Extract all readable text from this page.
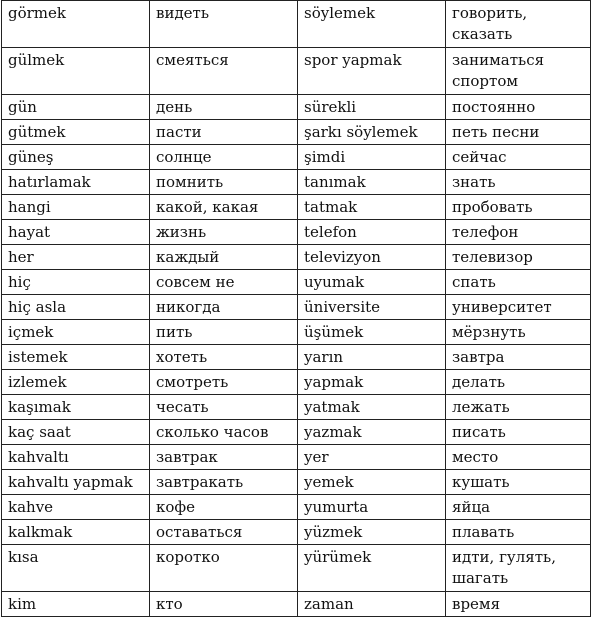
görmek	видеть	söylemek	говорить, сказать
gülmek	смеяться	spor yapmak	заниматься спортом
gün	день	sürekli	постоянно
gütmek	пасти	şarkı söylemek	петь песни
güneş	солнце	şimdi	сейчас
hatırlamak	помнить	tanımak	знать
hangi	какой, какая	tatmak	пробовать
hayat	жизнь	telefon	телефон
her	каждый	televizyon	телевизор
hiç	совсем не	uyumak	спать
hiç asla	никогда	üniversite	университет
içmek	пить	üşümek	мёрзнуть
istemek	хотеть	yarın	завтра
izlemek	смотреть	yapmak	делать
kaşımak	чесать	yatmak	лежать
kaç saat	сколько часов	yazmak	писать
kahvaltı	завтрак	yer	место
kahvaltı yapmak	завтракать	yemek	кушать
kahve	кофе	yumurta	яйца
kalkmak	оставаться	yüzmek	плавать
kısa	коротко	yürümek	идти, гулять, шагать
kim	кто	zaman	время
